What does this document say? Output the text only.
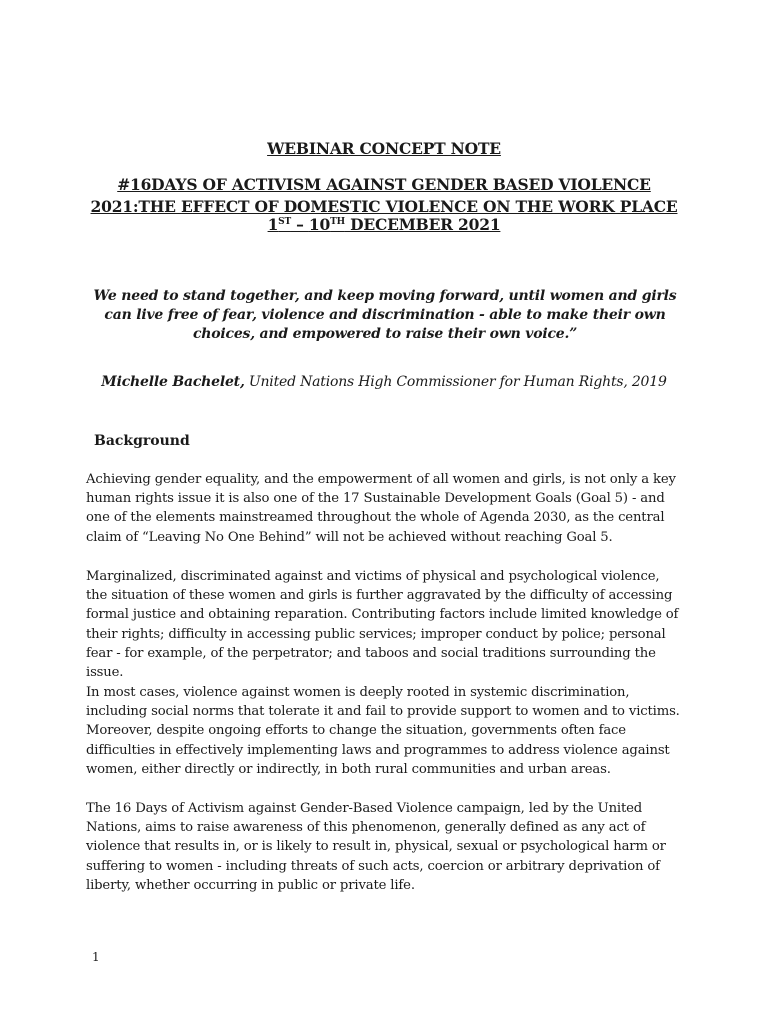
WEBINAR CONCEPT NOTE
#16DAYS OF ACTIVISM AGAINST GENDER BASED VIOLENCE
2021:THE EFFECT OF DOMESTIC VIOLENCE ON THE WORK PLACE
1ST – 10TH DECEMBER 2021
We need to stand together, and keep moving forward, until women and girls can live free of fear, violence and discrimination - able to make their own choices, and empowered to raise their own voice.”
Michelle Bachelet, United Nations High Commissioner for Human Rights, 2019
Background
Achieving gender equality, and the empowerment of all women and girls, is not only a key human rights issue it is also one of the 17 Sustainable Development Goals (Goal 5) - and one of the elements mainstreamed throughout the whole of Agenda 2030, as the central claim of “Leaving No One Behind” will not be achieved without reaching Goal 5.
Marginalized, discriminated against and victims of physical and psychological violence, the situation of these women and girls is further aggravated by the difficulty of accessing formal justice and obtaining reparation. Contributing factors include limited knowledge of their rights; difficulty in accessing public services; improper conduct by police; personal fear - for example, of the perpetrator; and taboos and social traditions surrounding the issue.
In most cases, violence against women is deeply rooted in systemic discrimination, including social norms that tolerate it and fail to provide support to women and to victims. Moreover, despite ongoing efforts to change the situation, governments often face difficulties in effectively implementing laws and programmes to address violence against women, either directly or indirectly, in both rural communities and urban areas.
The 16 Days of Activism against Gender-Based Violence campaign, led by the United Nations, aims to raise awareness of this phenomenon, generally defined as any act of violence that results in, or is likely to result in, physical, sexual or psychological harm or suffering to women - including threats of such acts, coercion or arbitrary deprivation of liberty, whether occurring in public or private life.
1
